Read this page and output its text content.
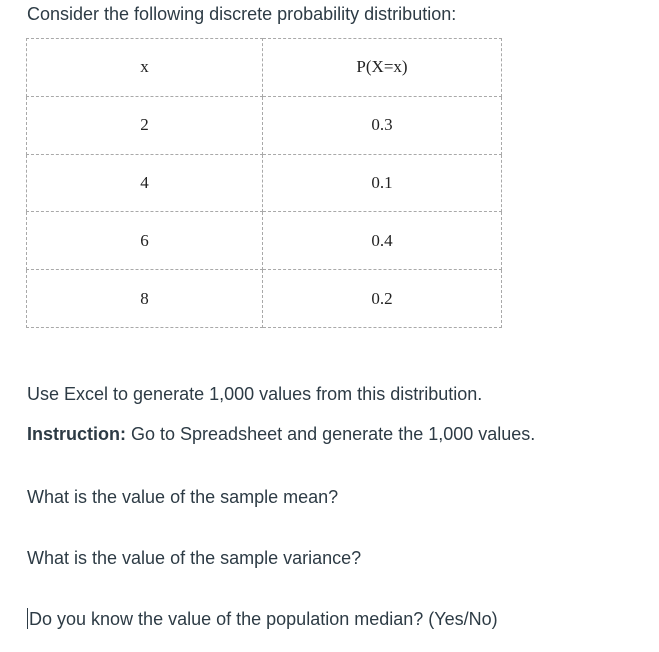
Consider the following discrete probability distribution:
x	P(X=x)
2	0.3
4	0.1
6	0.4
8	0.2
Use Excel to generate 1,000 values from this distribution.
Instruction: Go to Spreadsheet and generate the 1,000 values.
What is the value of the sample mean?
What is the value of the sample variance?
Do you know the value of the population median? (Yes/No)
